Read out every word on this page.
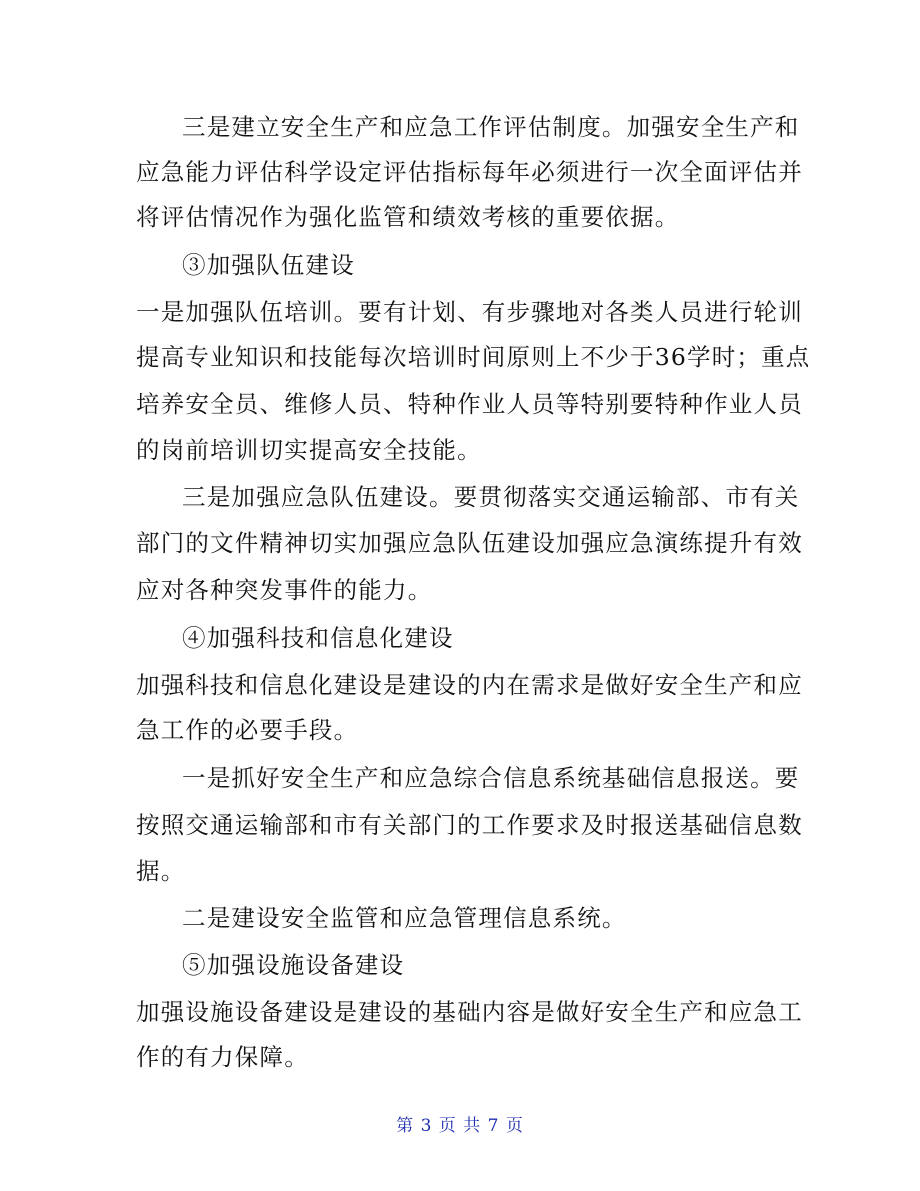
三是建立安全生产和应急工作评估制度。加强安全生产和
应急能力评估科学设定评估指标每年必须进行一次全面评估并
将评估情况作为强化监管和绩效考核的重要依据。
③加强队伍建设
一是加强队伍培训。要有计划、有步骤地对各类人员进行轮训
提高专业知识和技能每次培训时间原则上不少于36学时；重点
培养安全员、维修人员、特种作业人员等特别要特种作业人员
的岗前培训切实提高安全技能。
三是加强应急队伍建设。要贯彻落实交通运输部、市有关
部门的文件精神切实加强应急队伍建设加强应急演练提升有效
应对各种突发事件的能力。
④加强科技和信息化建设
加强科技和信息化建设是建设的内在需求是做好安全生产和应
急工作的必要手段。
一是抓好安全生产和应急综合信息系统基础信息报送。要
按照交通运输部和市有关部门的工作要求及时报送基础信息数
据。
二是建设安全监管和应急管理信息系统。
⑤加强设施设备建设
加强设施设备建设是建设的基础内容是做好安全生产和应急工
作的有力保障。
第 3 页 共 7 页
